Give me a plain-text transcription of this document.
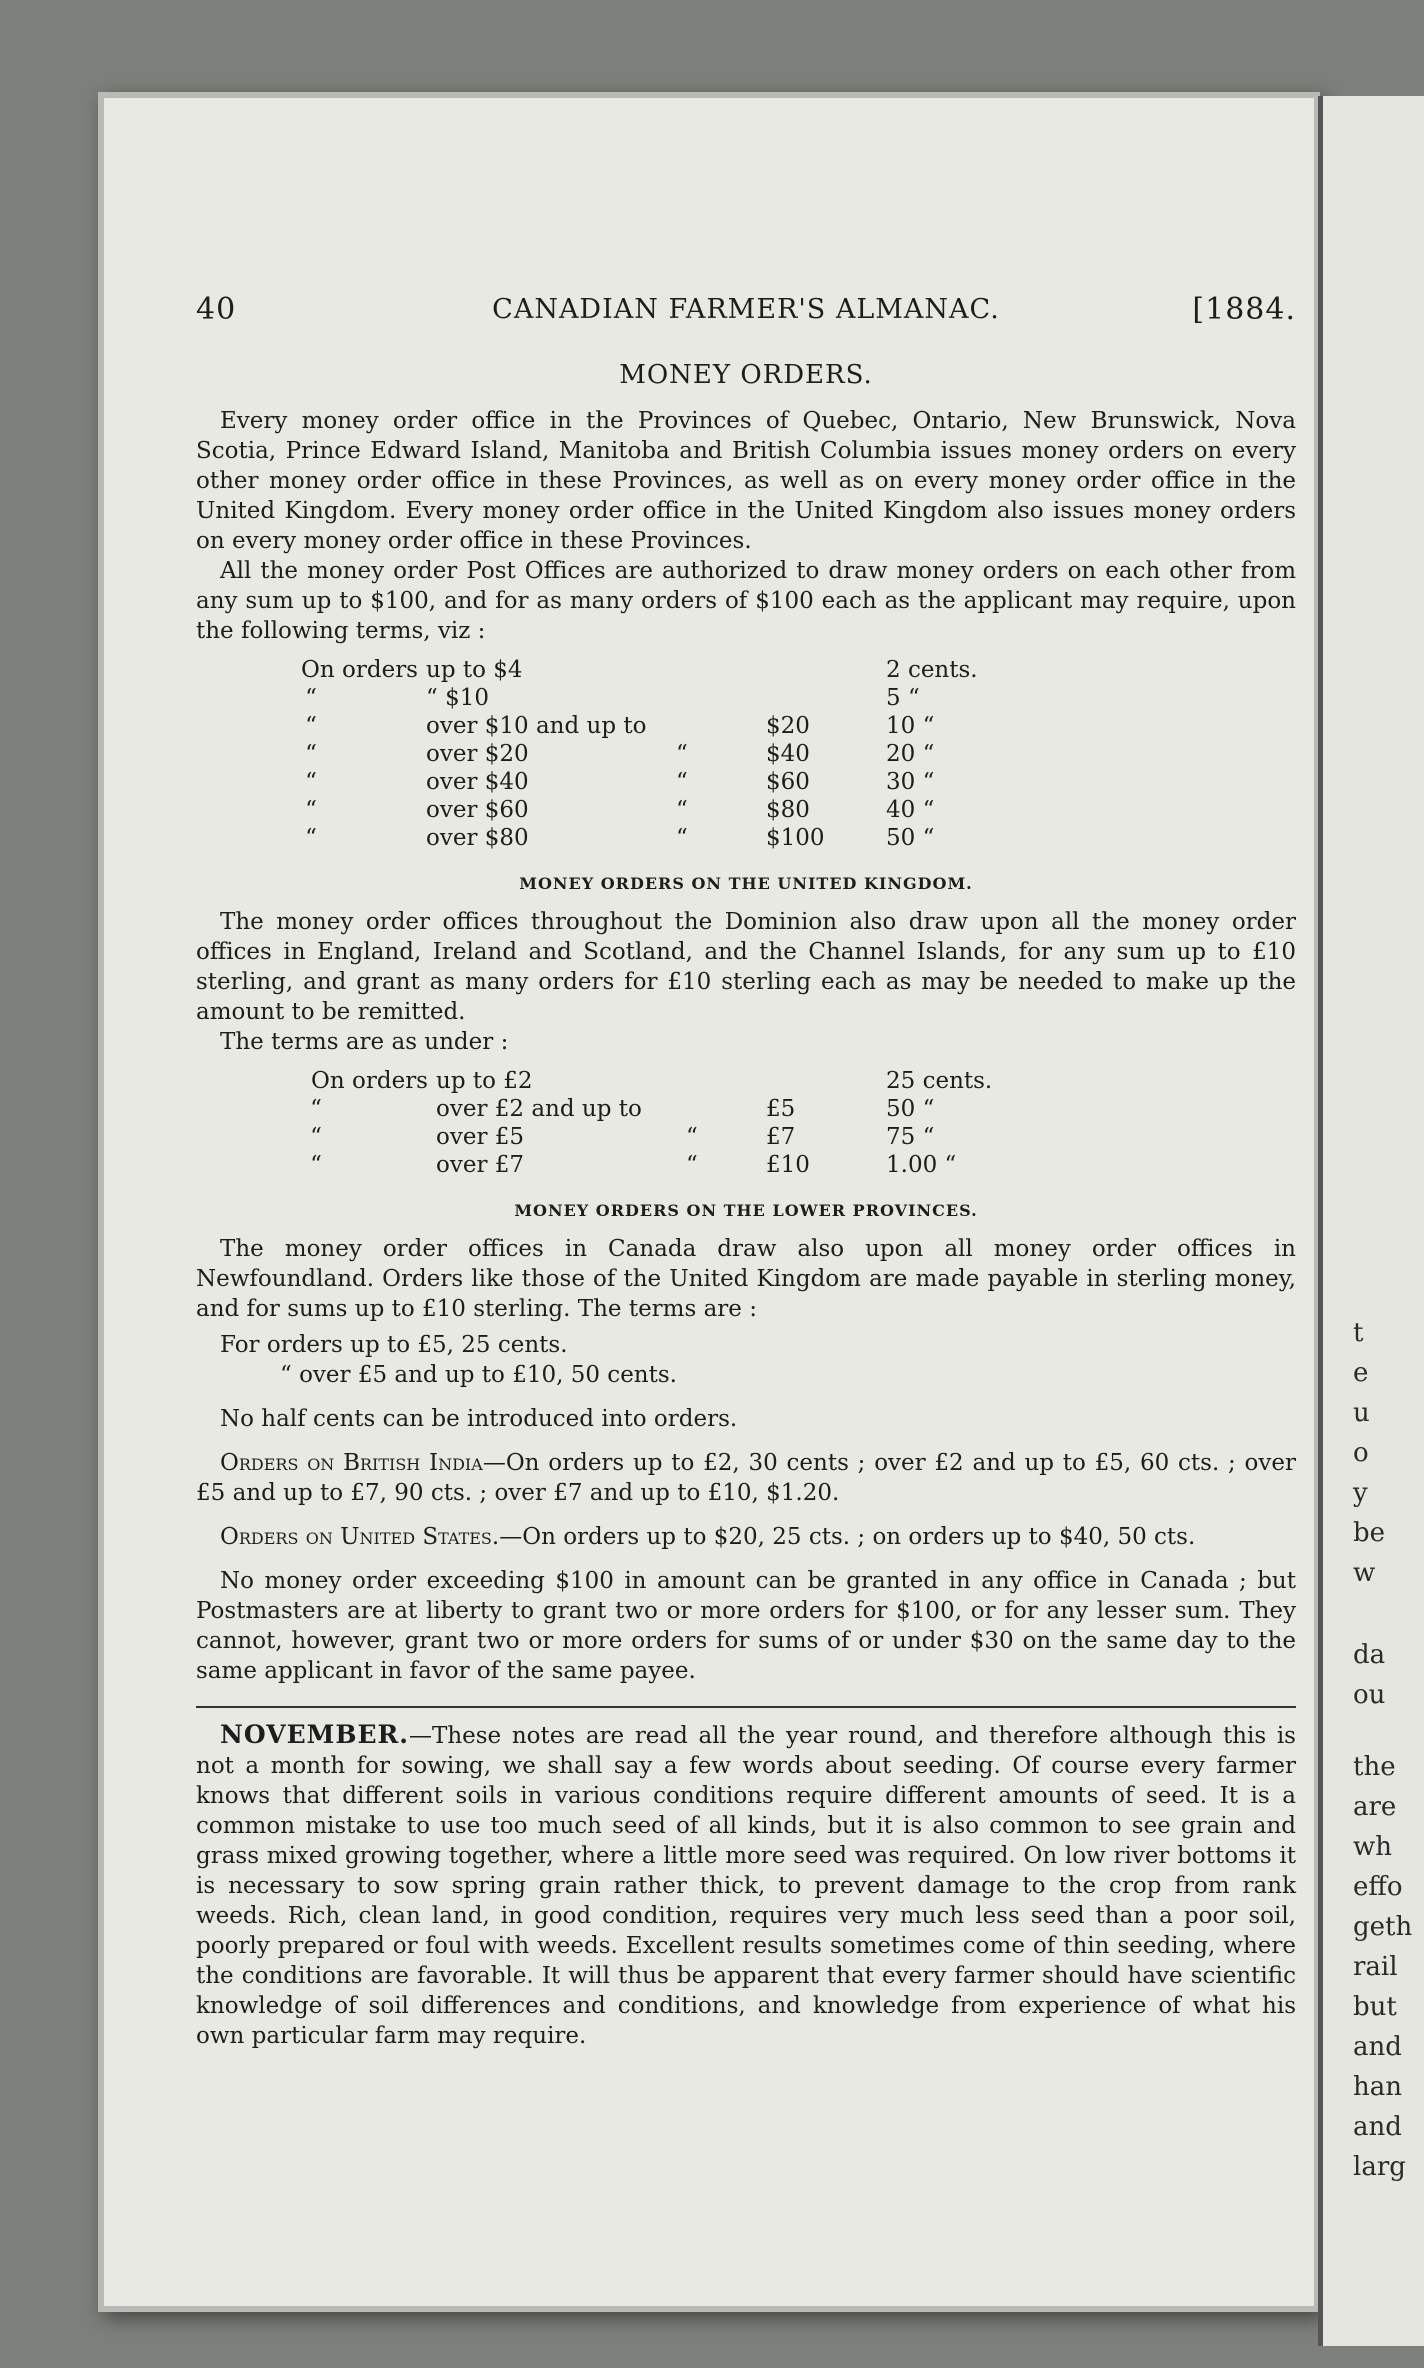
40	CANADIAN FARMER'S ALMANAC.	[1884.
MONEY ORDERS.

Every money order office in the Provinces of Quebec, Ontario, New Brunswick, Nova Scotia, Prince Edward Island, Manitoba and British Columbia issues money orders on every other money order office in these Provinces, as well as on every money order office in the United Kingdom. Every money order office in the United Kingdom also issues money orders on every money order office in these Provinces.

All the money order Post Offices are authorized to draw money orders on each other from any sum up to $100, and for as many orders of $100 each as the applicant may require, upon the following terms, viz :

On orders	up to $4			2 cents.
“	“ $10			5 “
“	over $10 and up to		$20	10 “
“	over $20	“	$40	20 “
“	over $40	“	$60	30 “
“	over $60	“	$80	40 “
“	over $80	“	$100	50 “
MONEY ORDERS ON THE UNITED KINGDOM.

The money order offices throughout the Dominion also draw upon all the money order offices in England, Ireland and Scotland, and the Channel Islands, for any sum up to £10 sterling, and grant as many orders for £10 sterling each as may be needed to make up the amount to be remitted.

The terms are as under :

On orders	up to £2			25 cents.
“	over £2 and up to		£5	50 “
“	over £5	“	£7	75 “
“	over £7	“	£10	1.00 “
MONEY ORDERS ON THE LOWER PROVINCES.

The money order offices in Canada draw also upon all money order offices in Newfoundland. Orders like those of the United Kingdom are made payable in sterling money, and for sums up to £10 sterling. The terms are :

For orders up to £5, 25 cents.

“ over £5 and up to £10, 50 cents.

No half cents can be introduced into orders.

Orders on British India—On orders up to £2, 30 cents ; over £2 and up to £5, 60 cts. ; over £5 and up to £7, 90 cts. ; over £7 and up to £10, $1.20.

Orders on United States.—On orders up to $20, 25 cts. ; on orders up to $40, 50 cts.

No money order exceeding $100 in amount can be granted in any office in Canada ; but Postmasters are at liberty to grant two or more orders for $100, or for any lesser sum. They cannot, however, grant two or more orders for sums of or under $30 on the same day to the same applicant in favor of the same payee.

NOVEMBER.—These notes are read all the year round, and therefore although this is not a month for sowing, we shall say a few words about seeding. Of course every farmer knows that different soils in various conditions require different amounts of seed. It is a common mistake to use too much seed of all kinds, but it is also common to see grain and grass mixed growing together, where a little more seed was required. On low river bottoms it is necessary to sow spring grain rather thick, to prevent damage to the crop from rank weeds. Rich, clean land, in good condition, requires very much less seed than a poor soil, poorly prepared or foul with weeds. Excellent results sometimes come of thin seeding, where the conditions are favorable. It will thus be apparent that every farmer should have scientific knowledge of soil differences and conditions, and knowledge from experience of what his own particular farm may require.

t
e
u
o
y
be
w
da
ou
the
are
wh
effo
geth
rail
but
and
han
and
larg
